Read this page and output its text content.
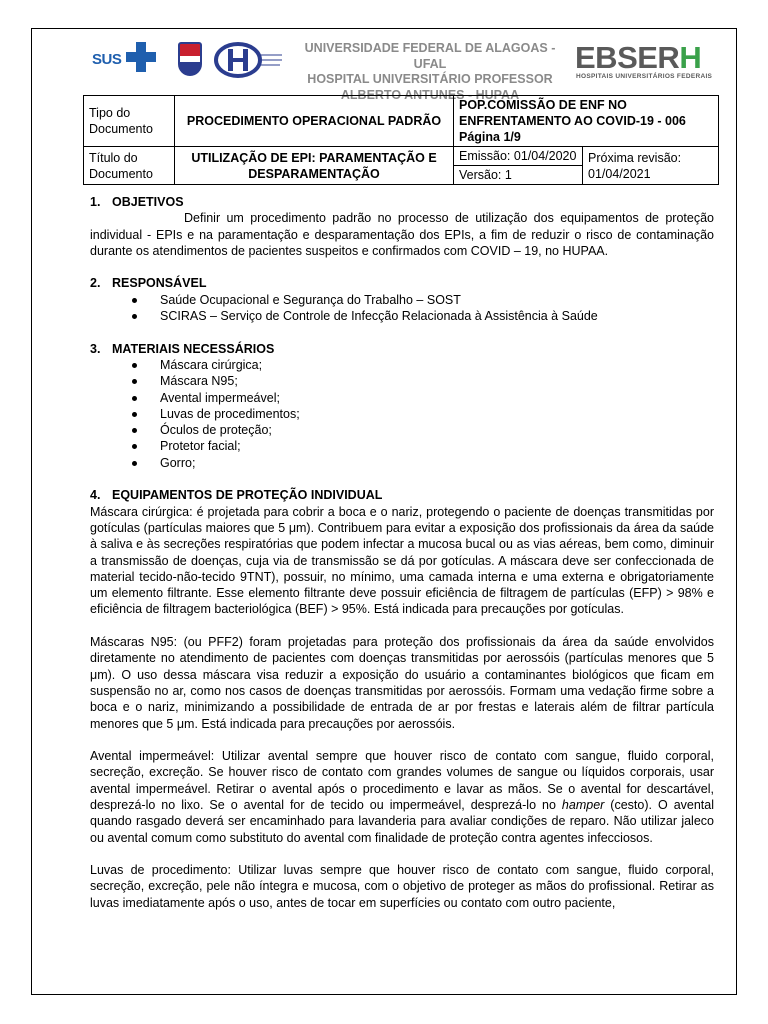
SUS
UNIVERSIDADE FEDERAL DE ALAGOAS - UFAL
HOSPITAL UNIVERSITÁRIO PROFESSOR
ALBERTO ANTUNES - HUPAA
EBSERH
HOSPITAIS UNIVERSITÁRIOS FEDERAIS
Tipo do Documento	PROCEDIMENTO OPERACIONAL PADRÃO	POP.COMISSÃO DE ENF NO ENFRENTAMENTO AO COVID-19 - 006
Página 1/9	

Título do Documento	UTILIZAÇÃO DE EPI: PARAMENTAÇÃO E DESPARAMENTAÇÃO	Emissão: 01/04/2020
Versão: 1	Próxima revisão: 01/04/2021

1. OBJETIVOS

Definir um procedimento padrão no processo de utilização dos equipamentos de proteção individual - EPIs e na paramentação e desparamentação dos EPIs, a fim de reduzir o risco de contaminação durante os atendimentos de pacientes suspeitos e confirmados com COVID – 19, no HUPAA.

2. RESPONSÁVEL

Saúde Ocupacional e Segurança do Trabalho – SOST
SCIRAS – Serviço de Controle de Infecção Relacionada à Assistência à Saúde

3. MATERIAIS NECESSÁRIOS

Máscara cirúrgica;
Máscara N95;
Avental impermeável;
Luvas de procedimentos;
Óculos de proteção;
Protetor facial;
Gorro;

4. EQUIPAMENTOS DE PROTEÇÃO INDIVIDUAL

Máscara cirúrgica: é projetada para cobrir a boca e o nariz, protegendo o paciente de doenças transmitidas por gotículas (partículas maiores que 5 μm). Contribuem para evitar a exposição dos profissionais da área da saúde à saliva e às secreções respiratórias que podem infectar a mucosa bucal ou as vias aéreas, bem como, diminuir a transmissão de doenças, cuja via de transmissão se dá por gotículas. A máscara deve ser confeccionada de material tecido-não-tecido 9TNT), possuir, no mínimo, uma camada interna e uma externa e obrigatoriamente um elemento filtrante. Esse elemento filtrante deve possuir eficiência de filtragem de partículas (EFP) > 98% e eficiência de filtragem bacteriológica (BEF) > 95%. Está indicada para precauções por gotículas.

Máscaras N95: (ou PFF2) foram projetadas para proteção dos profissionais da área da saúde envolvidos diretamente no atendimento de pacientes com doenças transmitidas por aerossóis (partículas menores que 5 μm). O uso dessa máscara visa reduzir a exposição do usuário a contaminantes biológicos que ficam em suspensão no ar, como nos casos de doenças transmitidas por aerossóis. Formam uma vedação firme sobre a boca e o nariz, minimizando a possibilidade de entrada de ar por frestas e laterais além de filtrar partícula menores que 5 μm. Está indicada para precauções por aerossóis.

Avental impermeável: Utilizar avental sempre que houver risco de contato com sangue, fluido corporal, secreção, excreção. Se houver risco de contato com grandes volumes de sangue ou líquidos corporais, usar avental impermeável. Retirar o avental após o procedimento e lavar as mãos. Se o avental for descartável, desprezá-lo no lixo. Se o avental for de tecido ou impermeável, desprezá-lo no hamper (cesto). O avental quando rasgado deverá ser encaminhado para lavanderia para avaliar condições de reparo. Não utilizar jaleco ou avental comum como substituto do avental com finalidade de proteção contra agentes infecciosos.

Luvas de procedimento: Utilizar luvas sempre que houver risco de contato com sangue, fluido corporal, secreção, excreção, pele não íntegra e mucosa, com o objetivo de proteger as mãos do profissional. Retirar as luvas imediatamente após o uso, antes de tocar em superfícies ou contato com outro paciente,
